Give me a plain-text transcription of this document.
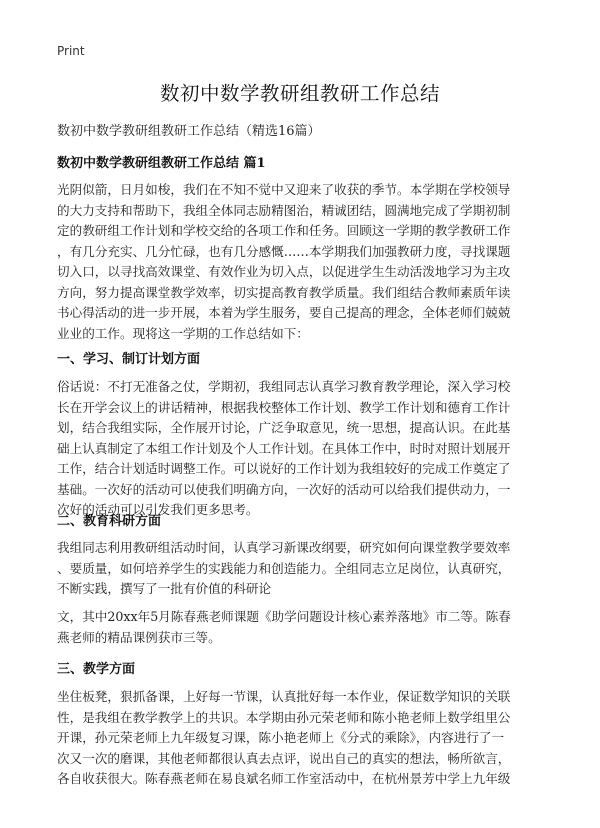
Print
数初中数学教研组教研工作总结

数初中数学教研组教研工作总结（精选16篇）

数初中数学教研组教研工作总结 篇1

光阴似箭，日月如梭，我们在不知不觉中又迎来了收获的季节。本学期在学校领导
的大力支持和帮助下，我组全体同志励精图治，精诚团结，圆满地完成了学期初制
定的教研组工作计划和学校交给的各项工作和任务。回顾这一学期的教学教研工作
，有几分充实、几分忙碌，也有几分感慨……本学期我们加强教研力度，寻找课题
切入口，以寻找高效课堂、有效作业为切入点，以促进学生生动活泼地学习为主攻
方向，努力提高课堂教学效率，切实提高教育教学质量。我们组结合教师素质年读
书心得活动的进一步开展，本着为学生服务，要自己提高的理念，全体老师们兢兢
业业的工作。现将这一学期的工作总结如下：

一、学习、制订计划方面

俗话说：不打无准备之仗，学期初，我组同志认真学习教育教学理论，深入学习校
长在开学会议上的讲话精神，根据我校整体工作计划、教学工作计划和德育工作计
划，结合我组实际，全作展开讨论，广泛争取意见，统一思想，提高认识。在此基
础上认真制定了本组工作计划及个人工作计划。在具体工作中，时时对照计划展开
工作，结合计划适时调整工作。可以说好的工作计划为我组较好的完成工作奠定了
基础。一次好的活动可以使我们明确方向，一次好的活动可以给我们提供动力，一
次好的活动可以引发我们更多思考。

二、教育科研方面

我组同志利用教研组活动时间，认真学习新课改纲要，研究如何向课堂教学要效率
、要质量，如何培养学生的实践能力和创造能力。全组同志立足岗位，认真研究，
不断实践，撰写了一批有价值的科研论
文，其中20xx年5月陈春燕老师课题《助学问题设计核心素养落地》市二等。陈春
燕老师的精品课例获市三等。

三、教学方面

坐住板凳，狠抓备课，上好每一节课，认真批好每一本作业，保证数学知识的关联
性，是我组在教学教学上的共识。本学期由孙元荣老师和陈小艳老师上数学组里公
开课，孙元荣老师上九年级复习课，陈小艳老师上《分式的乘除》，内容进行了一
次又一次的磨课，其他老师都很认真去点评，说出自己的真实的想法，畅所欲言，
各自收获很大。陈春燕老师在易良斌名师工作室活动中，在杭州景芳中学上九年级
